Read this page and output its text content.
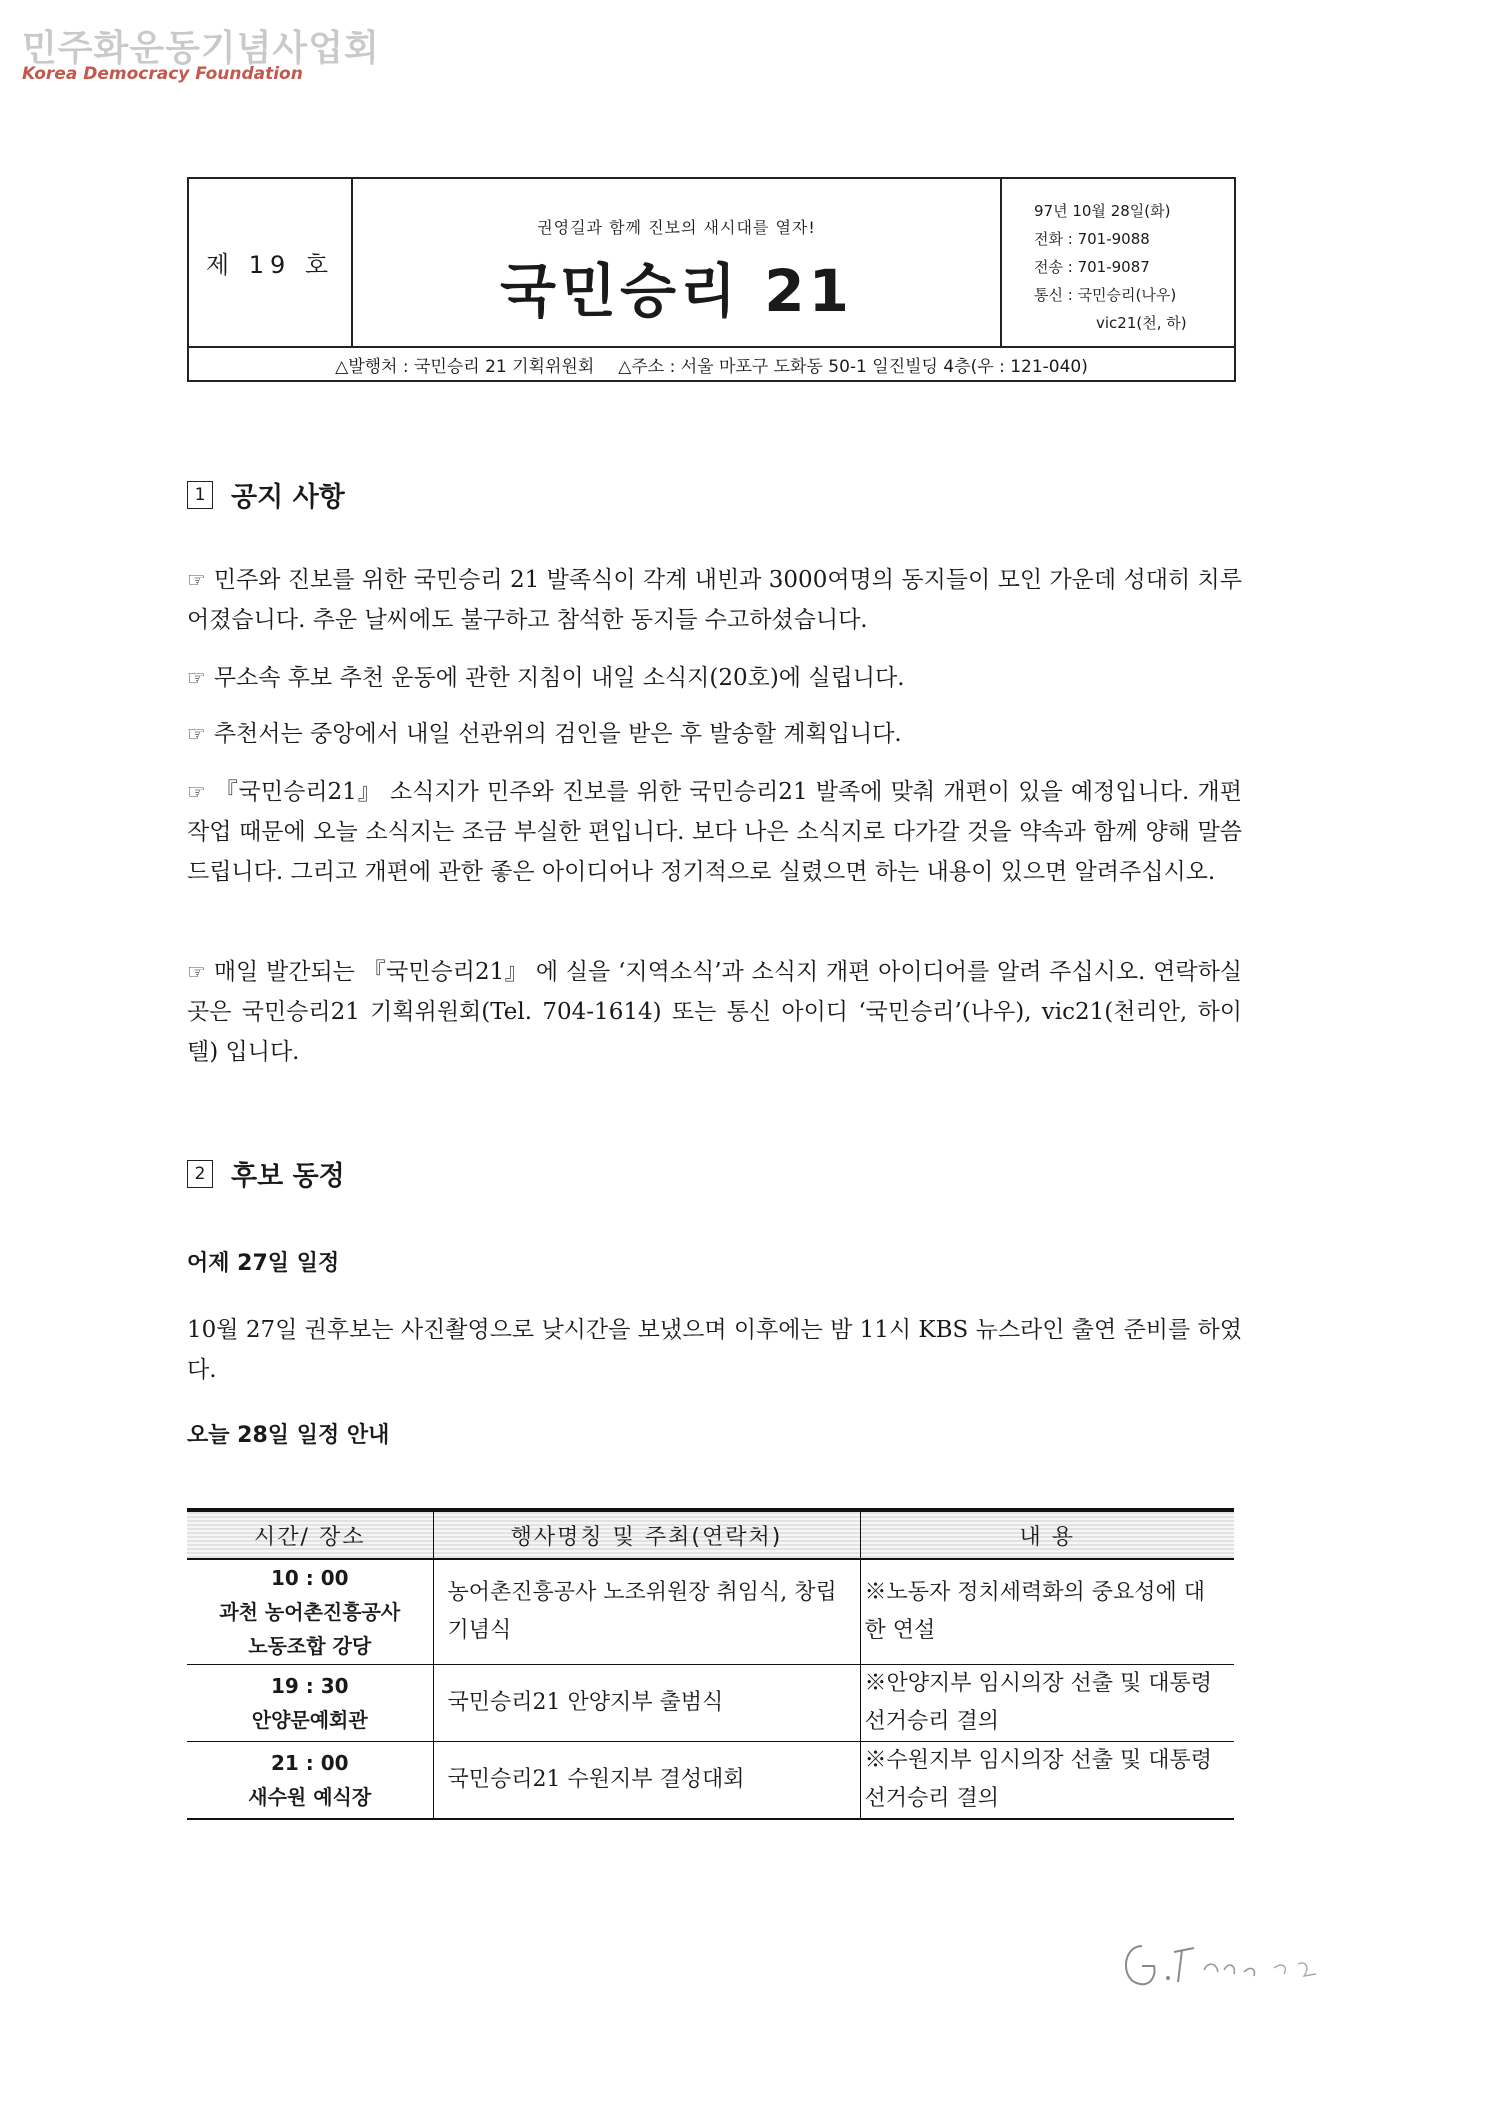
민주화운동기념사업회
Korea Democracy Foundation
제 19 호
권영길과 함께 진보의 새시대를 열자!
국민승리 21
97년 10월 28일(화)
전화 : 701-9088
전송 : 701-9087
통신 : 국민승리(나우)
vic21(천, 하)
△발행처 : 국민승리 21 기획위원회 △주소 : 서울 마포구 도화동 50-1 일진빌딩 4층(우 : 121-040)
1 공지 사항

☞ 민주와 진보를 위한 국민승리 21 발족식이 각계 내빈과 3000여명의 동지들이 모인 가운데 성대히 치루어졌습니다. 추운 날씨에도 불구하고 참석한 동지들 수고하셨습니다.

☞ 무소속 후보 추천 운동에 관한 지침이 내일 소식지(20호)에 실립니다.

☞ 추천서는 중앙에서 내일 선관위의 검인을 받은 후 발송할 계획입니다.

☞ 『국민승리21』 소식지가 민주와 진보를 위한 국민승리21 발족에 맞춰 개편이 있을 예정입니다. 개편 작업 때문에 오늘 소식지는 조금 부실한 편입니다. 보다 나은 소식지로 다가갈 것을 약속과 함께 양해 말씀 드립니다. 그리고 개편에 관한 좋은 아이디어나 정기적으로 실렸으면 하는 내용이 있으면 알려주십시오.

☞ 매일 발간되는 『국민승리21』 에 실을 ‘지역소식’과 소식지 개편 아이디어를 알려 주십시오. 연락하실 곳은 국민승리21 기획위원회(Tel. 704-1614) 또는 통신 아이디 ‘국민승리’(나우), vic21(천리안, 하이텔) 입니다.

2 후보 동정
어제 27일 일정

10월 27일 권후보는 사진촬영으로 낮시간을 보냈으며 이후에는 밤 11시 KBS 뉴스라인 출연 준비를 하였다.

오늘 28일 일정 안내
시간/ 장소	행사명칭 및 주최(연락처)	내 용

10 : 00
과천 농어촌진흥공사
노동조합 강당	농어촌진흥공사 노조위원장 취임식, 창립기념식	※노동자 정치세력화의 중요성에 대한 연설

19 : 30
안양문예회관	국민승리21 안양지부 출범식	※안양지부 임시의장 선출 및 대통령선거승리 결의

21 : 00
새수원 예식장	국민승리21 수원지부 결성대회	※수원지부 임시의장 선출 및 대통령선거승리 결의
